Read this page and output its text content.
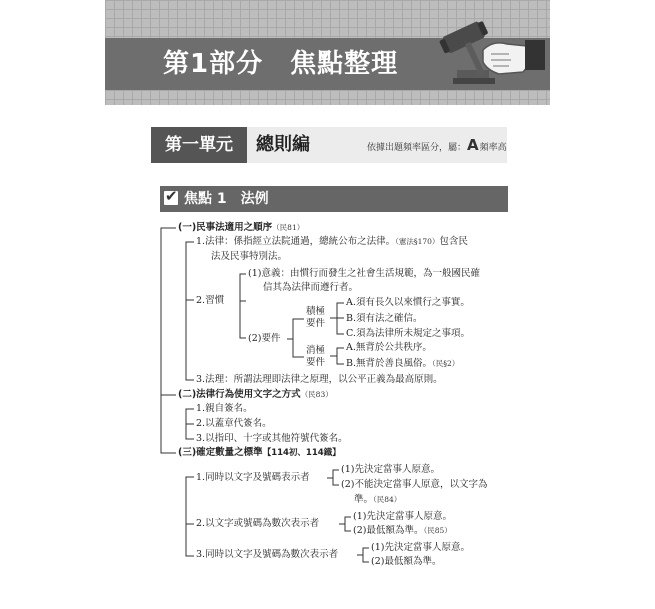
第1部分　焦點整理
第一單元	總則編	依據出題頻率區分，屬：A頻率高
✔ 焦點 1　法例
(一)民事法適用之順序（民81）
1.法律：係指經立法院通過，總統公布之法律。（憲法§170）包含民
法及民事特別法。
2.習慣
(1)意義：由慣行而發生之社會生活規範，為一般國民確
信其為法律而遵行者。
(2)要件
積極要件
A.須有長久以來慣行之事實。
B.須有法之確信。
C.須為法律所未規定之事項。
消極要件
A.無背於公共秩序。
B.無背於善良風俗。（民§2）
3.法理：所謂法理即法律之原理，以公平正義為最高原則。
(二)法律行為使用文字之方式（民83）
1.親自簽名。
2.以蓋章代簽名。
3.以指印、十字或其他符號代簽名。
(三)確定數量之標準【114初、114鐵】
1.同時以文字及號碼表示者
(1)先決定當事人原意。
(2)不能決定當事人原意，以文字為
準。（民84）
2.以文字或號碼為數次表示者
(1)先決定當事人原意。
(2)最低額為準。（民85）
3.同時以文字及號碼為數次表示者
(1)先決定當事人原意。
(2)最低額為準。
